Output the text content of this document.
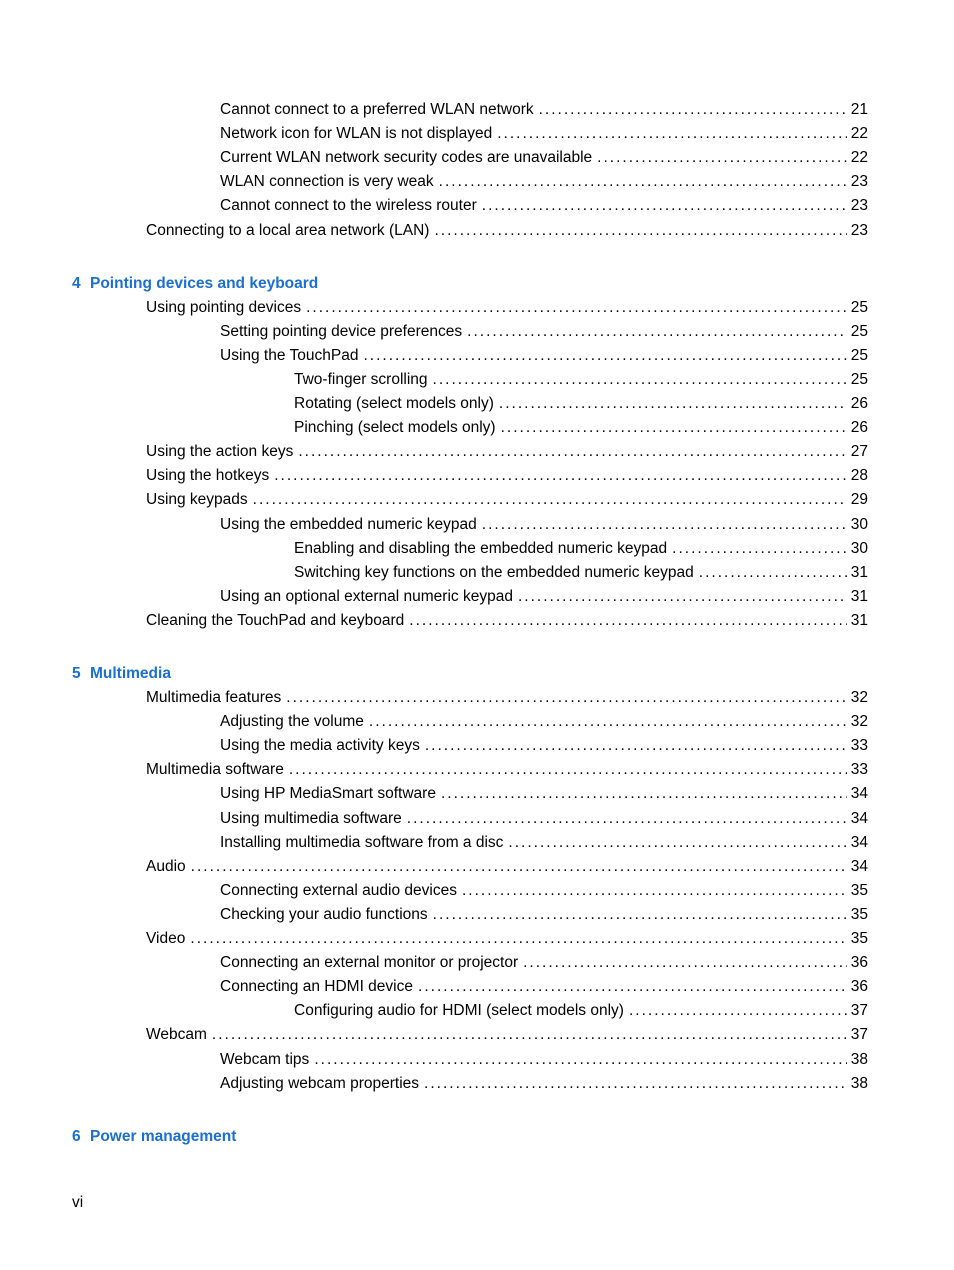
Cannot connect to a preferred WLAN network . . .	21
Network icon for WLAN is not displayed . . .	22
Current WLAN network security codes are unavailable . . .	22
WLAN connection is very weak . . .	23
Cannot connect to the wireless router . . .	23
Connecting to a local area network (LAN) . . .	23
4 Pointing devices and keyboard
Using pointing devices . . .	25
Setting pointing device preferences . . .	25
Using the TouchPad . . .	25
Two-finger scrolling . . .	25
Rotating (select models only) . . .	26
Pinching (select models only) . . .	26
Using the action keys . . .	27
Using the hotkeys . . .	28
Using keypads . . .	29
Using the embedded numeric keypad . . .	30
Enabling and disabling the embedded numeric keypad . . .	30
Switching key functions on the embedded numeric keypad . . .	31
Using an optional external numeric keypad . . .	31
Cleaning the TouchPad and keyboard . . .	31
5 Multimedia
Multimedia features . . .	32
Adjusting the volume . . .	32
Using the media activity keys . . .	33
Multimedia software . . .	33
Using HP MediaSmart software . . .	34
Using multimedia software . . .	34
Installing multimedia software from a disc . . .	34
Audio . . .	34
Connecting external audio devices . . .	35
Checking your audio functions . . .	35
Video . . .	35
Connecting an external monitor or projector . . .	36
Connecting an HDMI device . . .	36
Configuring audio for HDMI (select models only) . . .	37
Webcam . . .	37
Webcam tips . . .	38
Adjusting webcam properties . . .	38
6 Power management
vi
